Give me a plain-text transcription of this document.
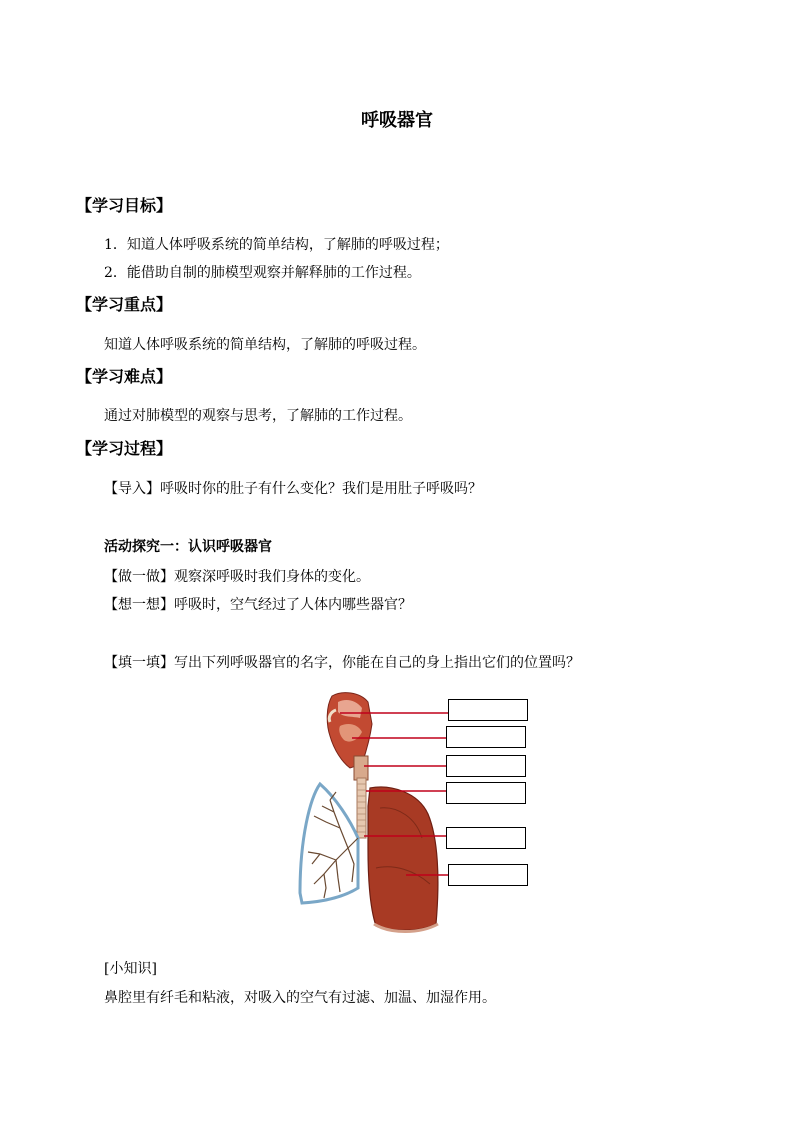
呼吸器官
【学习目标】
1．知道人体呼吸系统的简单结构，了解肺的呼吸过程；
2．能借助自制的肺模型观察并解释肺的工作过程。
【学习重点】
知道人体呼吸系统的简单结构，了解肺的呼吸过程。
【学习难点】
通过对肺模型的观察与思考，了解肺的工作过程。
【学习过程】
【导入】呼吸时你的肚子有什么变化？我们是用肚子呼吸吗？
活动探究一：认识呼吸器官
【做一做】观察深呼吸时我们身体的变化。
【想一想】呼吸时，空气经过了人体内哪些器官？
【填一填】写出下列呼吸器官的名字，你能在自己的身上指出它们的位置吗？
[小知识]
鼻腔里有纤毛和粘液，对吸入的空气有过滤、加温、加湿作用。
